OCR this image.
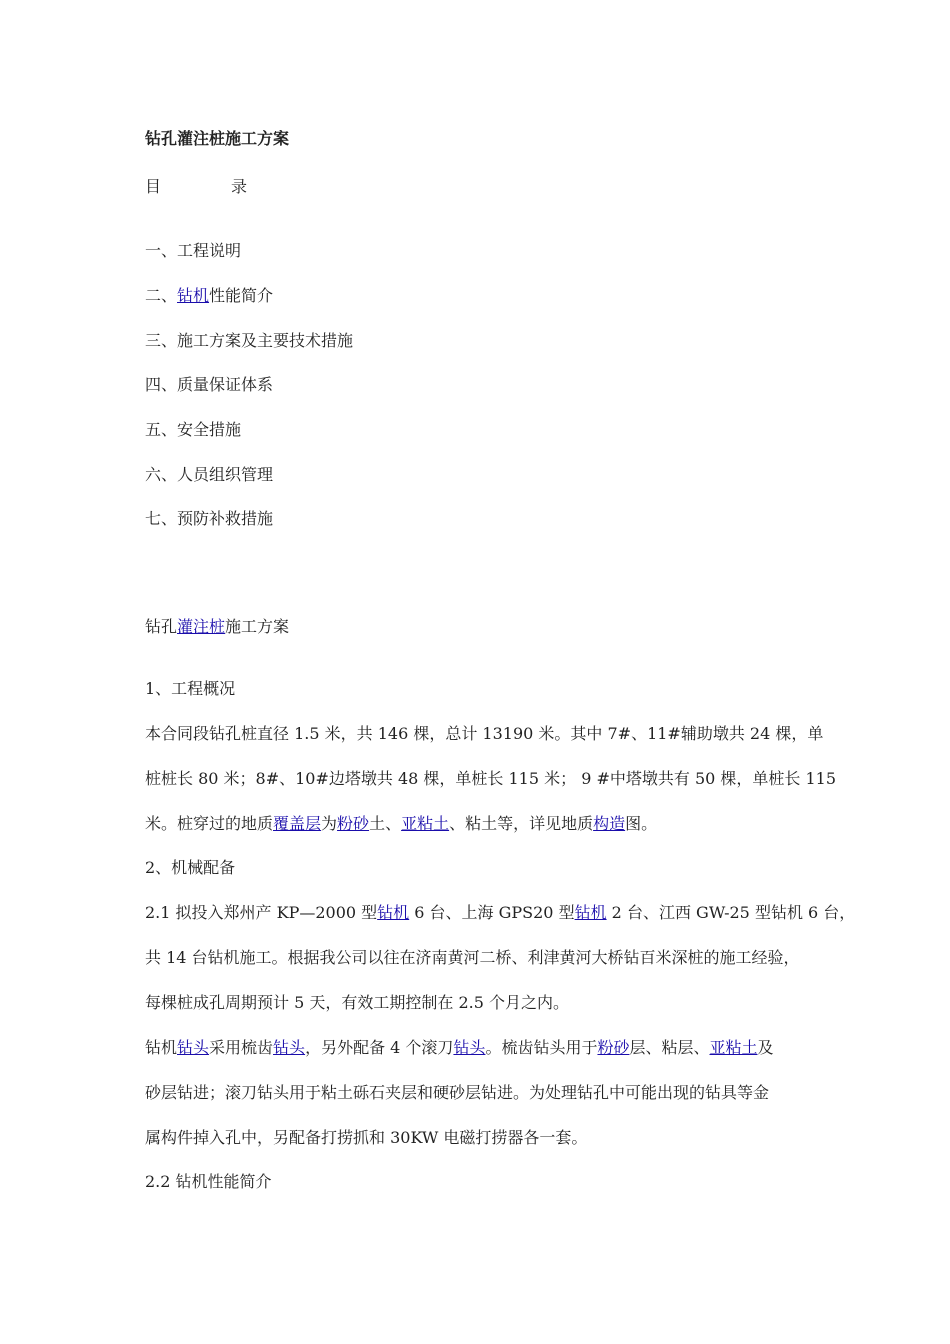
钻孔灌注桩施工方案
目	录
一、工程说明
二、钻机性能简介
三、施工方案及主要技术措施
四、质量保证体系
五、安全措施
六、人员组织管理
七、预防补救措施
钻孔灌注桩施工方案
1、工程概况
本合同段钻孔桩直径 1.5 米，共 146 棵，总计 13190 米。其中 7#、11#辅助墩共 24 棵，单
桩桩长 80 米；8#、10#边塔墩共 48 棵，单桩长 115 米； 9 #中塔墩共有 50 棵，单桩长 115
米。桩穿过的地质覆盖层为粉砂土、亚粘土、粘土等，详见地质构造图。
2、机械配备
2.1 拟投入郑州产 KP—2000 型钻机 6 台、上海 GPS20 型钻机 2 台、江西 GW-25 型钻机 6 台，
共 14 台钻机施工。根据我公司以往在济南黄河二桥、利津黄河大桥钻百米深桩的施工经验，
每棵桩成孔周期预计 5 天，有效工期控制在 2.5 个月之内。
钻机钻头采用梳齿钻头，另外配备 4 个滚刀钻头。梳齿钻头用于粉砂层、粘层、亚粘土及
砂层钻进；滚刀钻头用于粘土砾石夹层和硬砂层钻进。为处理钻孔中可能出现的钻具等金
属构件掉入孔中，另配备打捞抓和 30KW 电磁打捞器各一套。
2.2 钻机性能简介
